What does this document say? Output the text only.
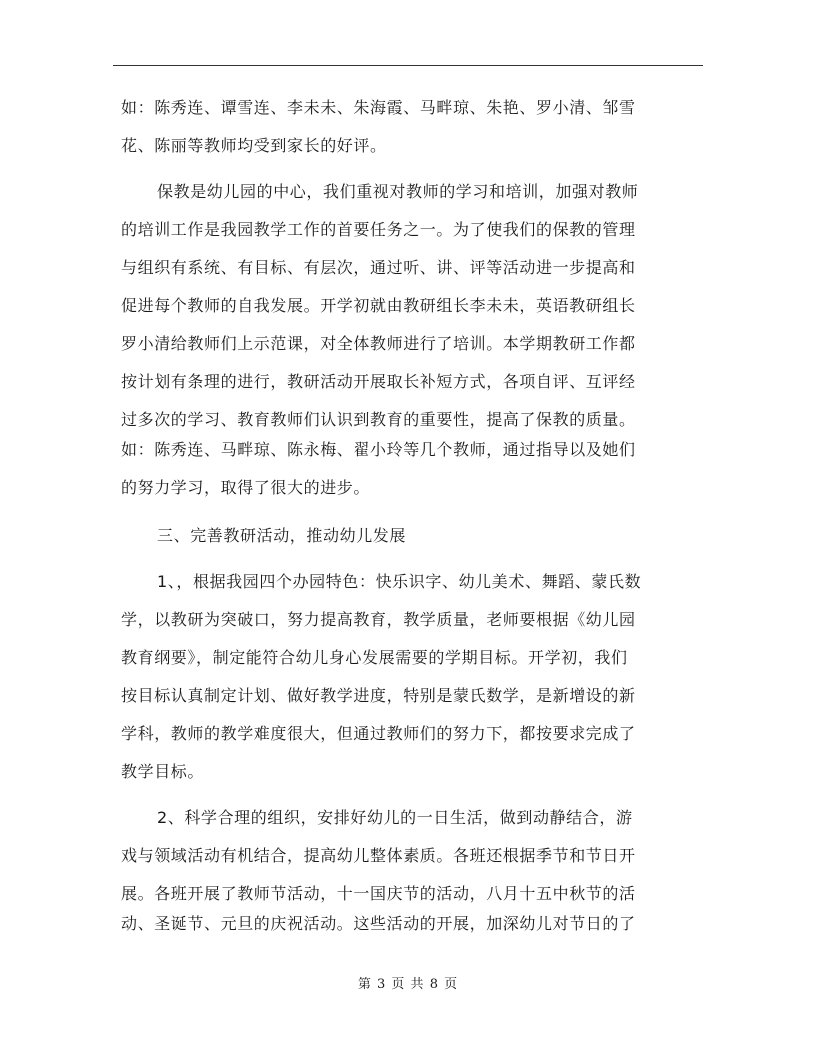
如：陈秀连、谭雪连、李未未、朱海霞、马畔琼、朱艳、罗小清、邹雪
花、陈丽等教师均受到家长的好评。
保教是幼儿园的中心，我们重视对教师的学习和培训，加强对教师
的培训工作是我园教学工作的首要任务之一。为了使我们的保教的管理
与组织有系统、有目标、有层次，通过听、讲、评等活动进一步提高和
促进每个教师的自我发展。开学初就由教研组长李未未，英语教研组长
罗小清给教师们上示范课，对全体教师进行了培训。本学期教研工作都
按计划有条理的进行，教研活动开展取长补短方式，各项自评、互评经
过多次的学习、教育教师们认识到教育的重要性，提高了保教的质量。
如：陈秀连、马畔琼、陈永梅、翟小玲等几个教师，通过指导以及她们
的努力学习，取得了很大的进步。
三、完善教研活动，推动幼儿发展
1、，根据我园四个办园特色：快乐识字、幼儿美术、舞蹈、蒙氏数
学，以教研为突破口，努力提高教育，教学质量，老师要根据《幼儿园
教育纲要》，制定能符合幼儿身心发展需要的学期目标。开学初，我们
按目标认真制定计划、做好教学进度，特别是蒙氏数学，是新增设的新
学科，教师的教学难度很大，但通过教师们的努力下，都按要求完成了
教学目标。
2、科学合理的组织，安排好幼儿的一日生活，做到动静结合，游
戏与领域活动有机结合，提高幼儿整体素质。各班还根据季节和节日开
展。各班开展了教师节活动，十一国庆节的活动，八月十五中秋节的活
动、圣诞节、元旦的庆祝活动。这些活动的开展，加深幼儿对节日的了
第 3 页 共 8 页
